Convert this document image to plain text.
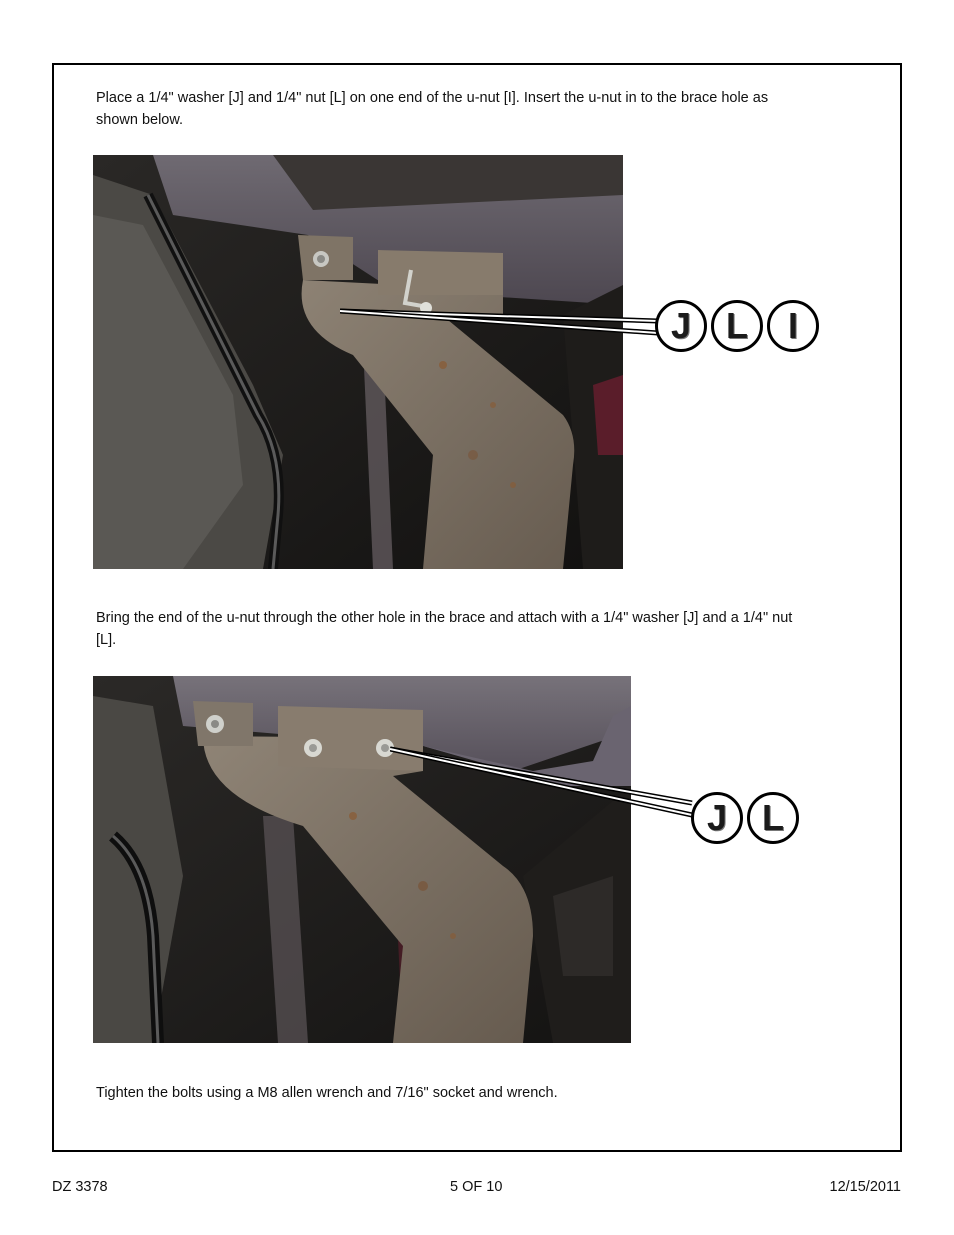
Place a 1/4" washer [J] and 1/4" nut [L] on one end of the u-nut [I]. Insert the u-nut in to the brace hole as shown below.

J L	I

Bring the end of the u-nut through the other hole in the brace and attach with a 1/4" washer [J] and a 1/4" nut [L].

J L

Tighten the bolts using a M8 allen wrench and 7/16" socket and wrench.

DZ 3378	5 OF 10	12/15/2011
